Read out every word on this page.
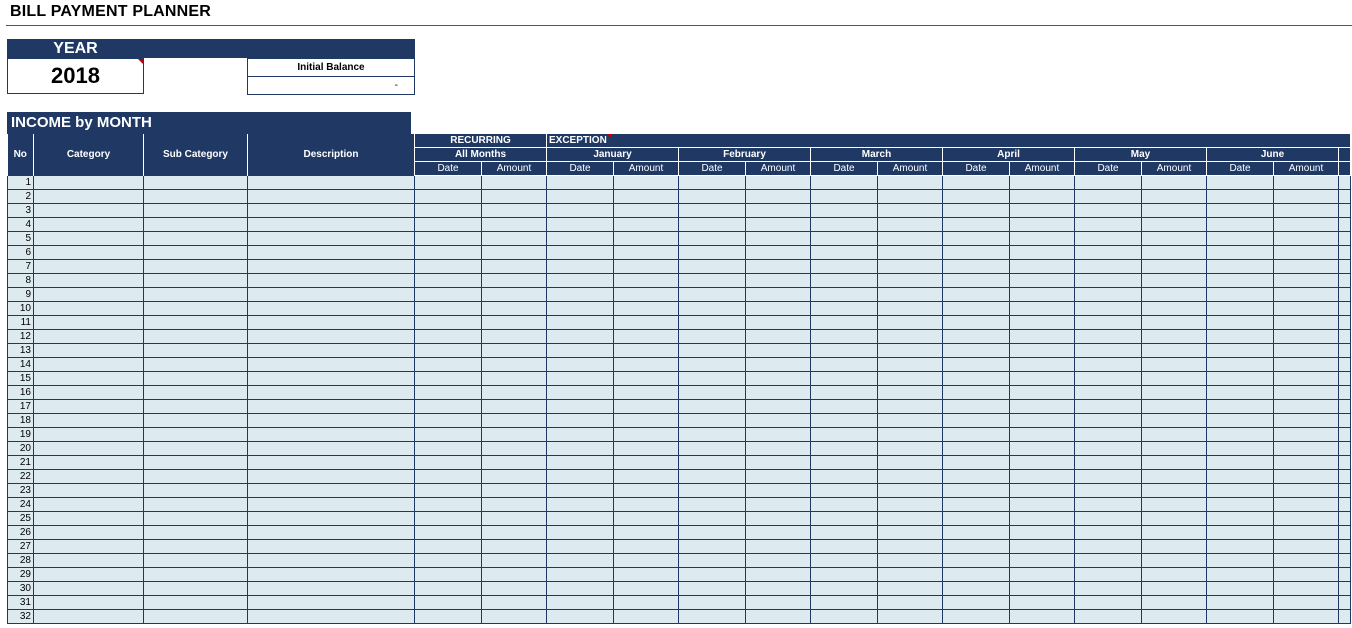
BILL PAYMENT PLANNER
YEAR
2018	Initial Balance
-
INCOME by MONTH
No	Category	Sub Category	Description	RECURRING		EXCEPTION												

				All Months		January		February		March		April		May		June		
				Date	Amount	Date	Amount	Date	Amount	Date	Amount	Date	Amount	Date	Amount	Date	Amount	
1																		
2																		
3																		
4																		
5																		
6																		
7																		
8																		
9																		
10																		
11																		
12																		
13																		
14																		
15																		
16																		
17																		
18																		
19																		
20																		
21																		
22																		
23																		
24																		
25																		
26																		
27																		
28																		
29																		
30																		
31																		
32																		
